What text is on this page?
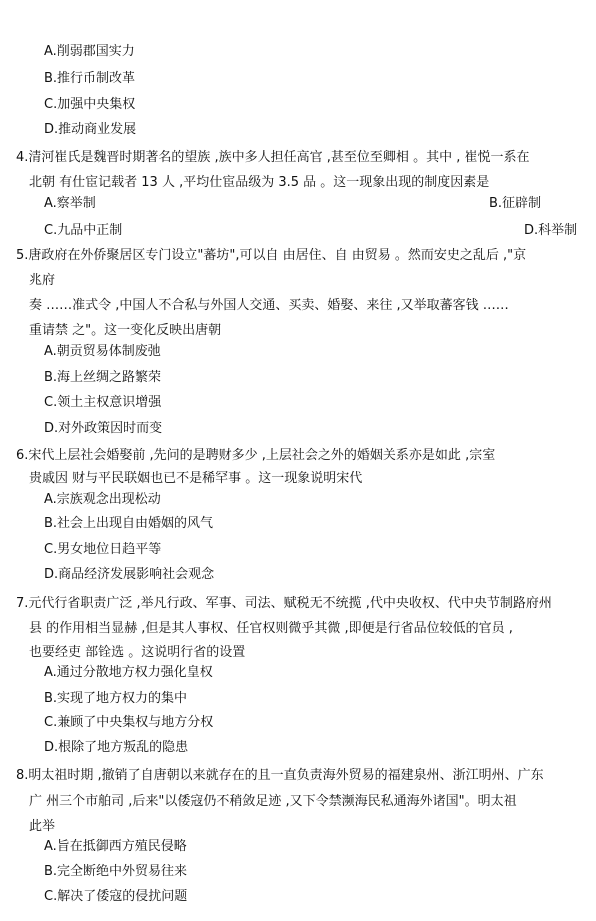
A.削弱郡国实力
B.推行币制改革
C.加强中央集权
D.推动商业发展
4.清河崔氏是魏晋时期著名的望族 ,族中多人担任高官 ,甚至位至卿相 。其中 , 崔悦一系在
北朝 有仕宦记载者 13 人 ,平均仕宦品级为 3.5 品 。这一现象出现的制度因素是
A.察举制	B.征辟制
C.九品中正制	D.科举制
5.唐政府在外侨聚居区专门设立"蕃坊",可以自 由居住、自 由贸易 。然而安史之乱后 ,"京
兆府
奏 ……准式令 ,中国人不合私与外国人交通、买卖、婚娶、来往 ,又举取蕃客钱 ……
重请禁 之"。这一变化反映出唐朝
A.朝贡贸易体制废弛
B.海上丝绸之路繁荣
C.领土主权意识增强
D.对外政策因时而变
6.宋代上层社会婚娶前 ,先问的是聘财多少 ,上层社会之外的婚姻关系亦是如此 ,宗室
贵戚因 财与平民联姻也已不是稀罕事 。这一现象说明宋代
A.宗族观念出现松动
B.社会上出现自由婚姻的风气
C.男女地位日趋平等
D.商品经济发展影响社会观念
7.元代行省职责广泛 ,举凡行政、军事、司法、赋税无不统揽 ,代中央收权、代中央节制路府州
县 的作用相当显赫 ,但是其人事权、任官权则微乎其微 ,即便是行省品位较低的官员 ,
也要经吏 部铨选 。这说明行省的设置
A.通过分散地方权力强化皇权
B.实现了地方权力的集中
C.兼顾了中央集权与地方分权
D.根除了地方叛乱的隐患
8.明太祖时期 ,撤销了自唐朝以来就存在的且一直负责海外贸易的福建泉州、浙江明州、广东
广 州三个市舶司 ,后来"以倭寇仍不稍敛足迹 ,又下令禁濒海民私通海外诸国"。明太祖
此举
A.旨在抵御西方殖民侵略
B.完全断绝中外贸易往来
C.解决了倭寇的侵扰问题
